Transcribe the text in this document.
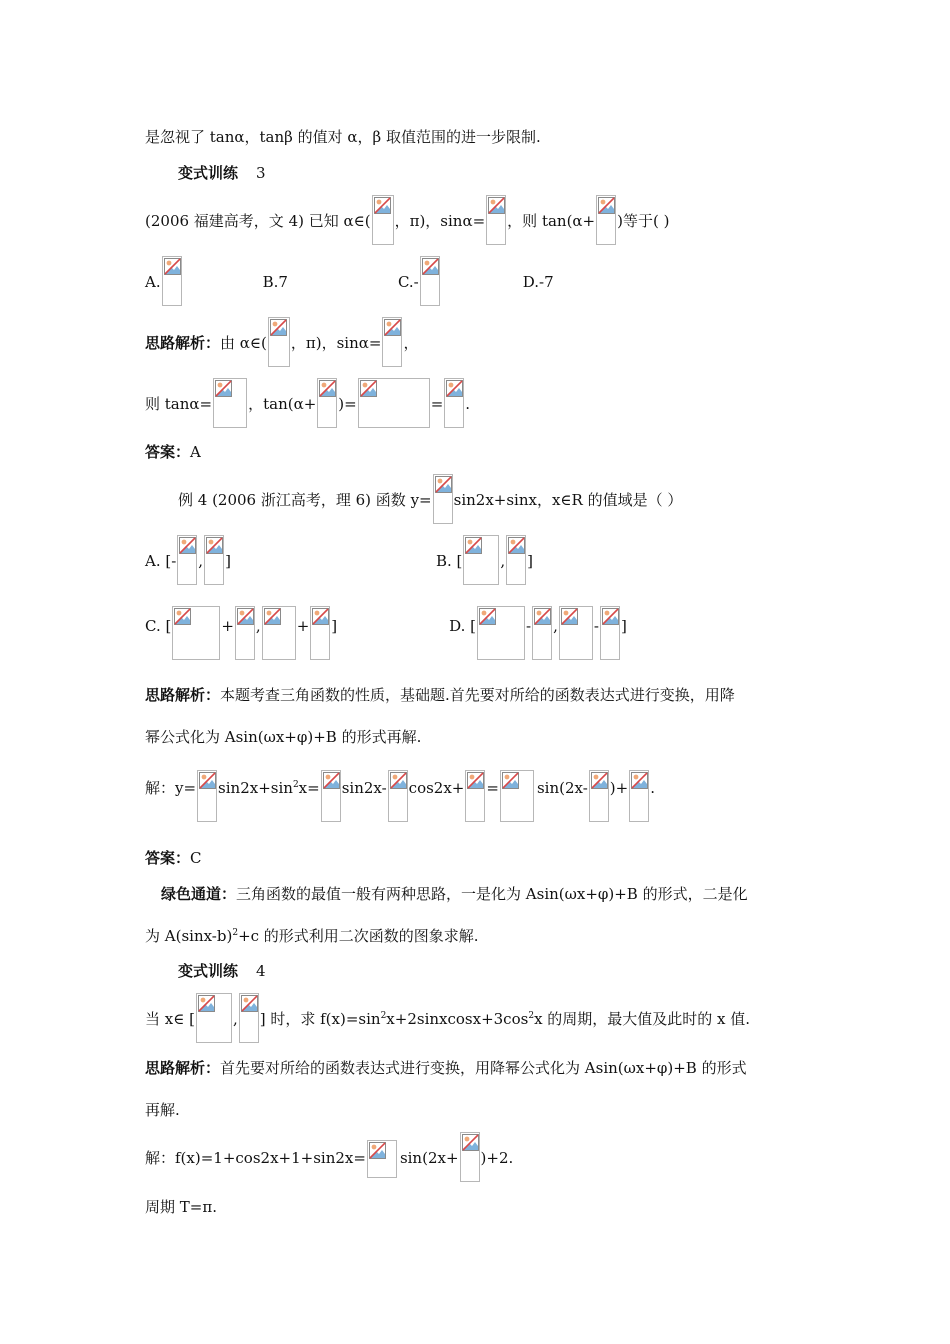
是忽视了 tanα，tanβ 的值对 α，β 取值范围的进一步限制.
变式训练 3
(2006 福建高考，文 4) 已知 α∈( ，π)，sinα= ，则 tan(α+ )等于( )
A.	B.7	C.-	D.-7
思路解析： 由 α∈( ，π)，sinα= ，
则 tanα= ，tan(α+ )=	= .
答案： A
例 4 (2006 浙江高考，理 6) 函数 y= sin2x+sinx，x∈R 的值域是（ ）
A. [- , ]	B. [	, ]
C. [	+ , + ]	D. [	- , - ]
思路解析： 本题考查三角函数的性质，基础题.首先要对所给的函数表达式进行变换，用降
幂公式化为 Asin(ωx+φ)+B 的形式再解.
解：$y= \sin 2x+\sin^2x= \sin 2x-$ cos2x+ =	sin(2x- )+ .
答案： C
绿色通道： 三角函数的最值一般有两种思路，一是化为 Asin(ωx+φ)+B 的形式，二是化
为 $A(\sin x-b)^2+c$ 的形式利用二次函数的图象求解.
变式训练 4
当 x∈ [	, ] 时，求 $f(x)=\sin^2x+2sinxcosx+3\cos^2x$ 的周期，最大值及此时的 x 值.
思路解析： 首先要对所给的函数表达式进行变换，用降幂公式化为 Asin(ωx+φ)+B 的形式
再解.
解：f(x)=1+cos2x+1+sin2x= sin(2x+ )+2.
周期 T=π.
